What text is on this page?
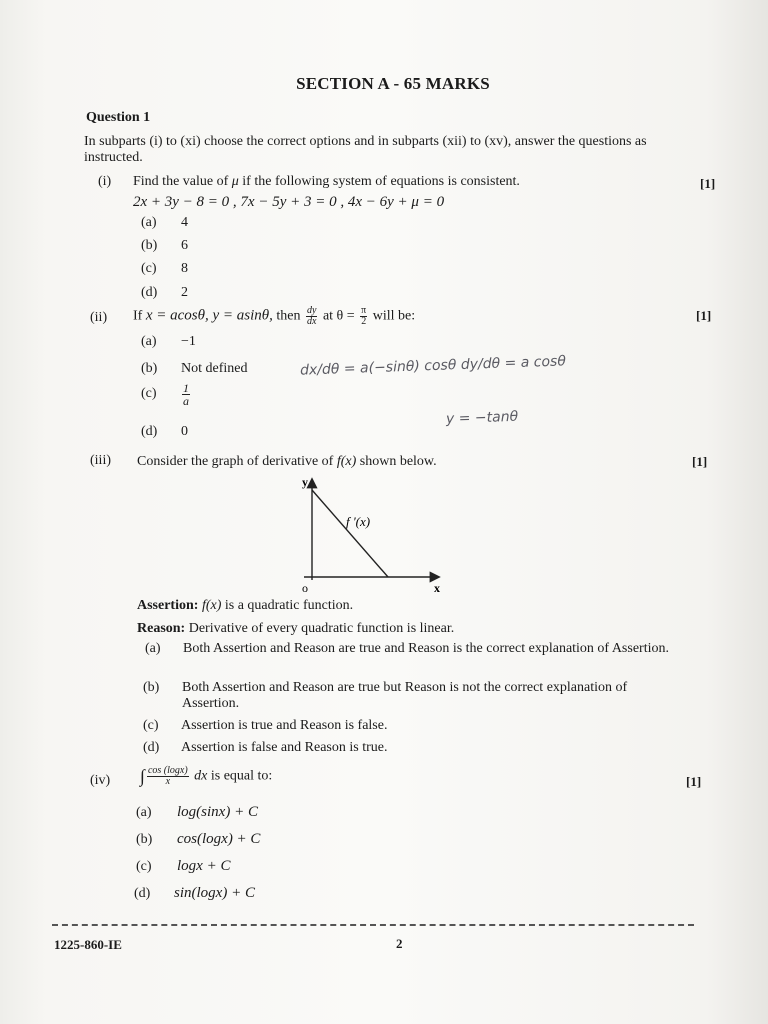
SECTION A - 65 MARKS
Question 1
In subparts (i) to (xi) choose the correct options and in subparts (xii) to (xv), answer the questions as instructed.
(i) Find the value of μ if the following system of equations is consistent.	[1]
2x + 3y − 8 = 0 , 7x − 5y + 3 = 0 , 4x − 6y + μ = 0
(a) 4
(b) 6
(c) 8
(d) 2
(ii) If x = acosθ, y = asinθ, then $\frac{dy}{dx}$ at $\theta = \frac{\pi}{2}$ will be:	[1]
(a) −1
(b) Not defined
$(c) \frac{1}{a}$
(d) 0
dx/dθ = a(−sinθ) cosθ dy/dθ = a cosθ
y = −tanθ
(iii) Consider the graph of derivative of f(x) shown below.	[1]
y
x
o
f '(x)
Assertion: f(x) is a quadratic function.
Reason: Derivative of every quadratic function is linear.
(a) Both Assertion and Reason are true and Reason is the correct explanation of Assertion.
(b) Both Assertion and Reason are true but Reason is not the correct explanation of Assertion.
(c) Assertion is true and Reason is false.
(d) Assertion is false and Reason is true.
(iv) ∫ $\frac{\cos (\log x)}{x}$ dx is equal to:	[1]
(a) log(sinx) + C
(b) cos(logx) + C
(c) logx + C
(d) sin(logx) + C
1225-860-IE	2
